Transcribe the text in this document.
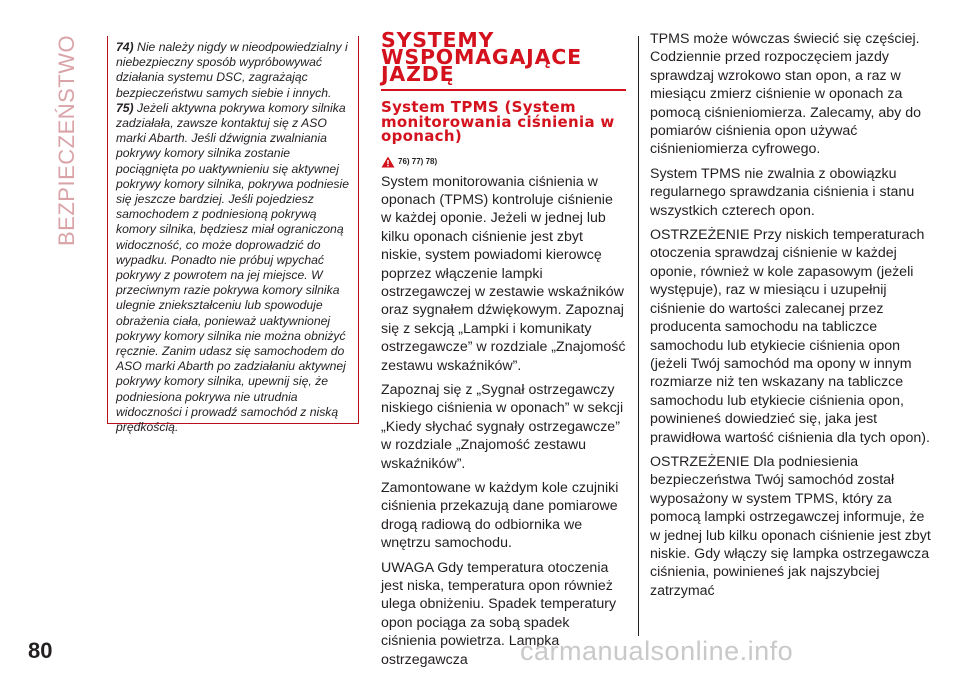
BEZPIECZEŃSTWO	74) Nie należy nigdy w nieodpowiedzialny i niebezpieczny sposób wypróbowywać działania systemu DSC, zagrażając bezpieczeństwu samych siebie i innych.

75) Jeżeli aktywna pokrywa komory silnika zadziałała, zawsze kontaktuj się z ASO marki Abarth. Jeśli dźwignia zwalniania pokrywy komory silnika zostanie pociągnięta po uaktywnieniu się aktywnej pokrywy komory silnika, pokrywa podniesie się jeszcze bardziej. Jeśli pojedziesz samochodem z podniesioną pokrywą komory silnika, będziesz miał ograniczoną widoczność, co może doprowadzić do wypadku. Ponadto nie próbuj wpychać pokrywy z powrotem na jej miejsce. W przeciwnym razie pokrywa komory silnika ulegnie zniekształceniu lub spowoduje obrażenia ciała, ponieważ uaktywnionej pokrywy komory silnika nie można obniżyć ręcznie. Zanim udasz się samochodem do ASO marki Abarth po zadziałaniu aktywnej pokrywy komory silnika, upewnij się, że podniesiona pokrywa nie utrudnia widoczności i prowadź samochód z niską prędkością.

SYSTEMY WSPOMAGAJĄCE JAZDĘ
System TPMS (System monitorowania ciśnienia w oponach)
76) 77) 78)

System monitorowania ciśnienia w oponach (TPMS) kontroluje ciśnienie w każdej oponie. Jeżeli w jednej lub kilku oponach ciśnienie jest zbyt niskie, system powiadomi kierowcę poprzez włączenie lampki ostrzegawczej w zestawie wskaźników oraz sygnałem dźwiękowym. Zapoznaj się z sekcją „Lampki i komunikaty ostrzegawcze” w rozdziale „Znajomość zestawu wskaźników”.

Zapoznaj się z „Sygnał ostrzegawczy niskiego ciśnienia w oponach” w sekcji „Kiedy słychać sygnały ostrzegawcze” w rozdziale „Znajomość zestawu wskaźników”.

Zamontowane w każdym kole czujniki ciśnienia przekazują dane pomiarowe drogą radiową do odbiornika we wnętrzu samochodu.

UWAGA Gdy temperatura otoczenia jest niska, temperatura opon również ulega obniżeniu. Spadek temperatury opon pociąga za sobą spadek ciśnienia powietrza. Lampka ostrzegawcza

TPMS może wówczas świecić się częściej. Codziennie przed rozpoczęciem jazdy sprawdzaj wzrokowo stan opon, a raz w miesiącu zmierz ciśnienie w oponach za pomocą ciśnieniomierza. Zalecamy, aby do pomiarów ciśnienia opon używać ciśnieniomierza cyfrowego.

System TPMS nie zwalnia z obowiązku regularnego sprawdzania ciśnienia i stanu wszystkich czterech opon.

OSTRZEŻENIE Przy niskich temperaturach otoczenia sprawdzaj ciśnienie w każdej oponie, również w kole zapasowym (jeżeli występuje), raz w miesiącu i uzupełnij ciśnienie do wartości zalecanej przez producenta samochodu na tabliczce samochodu lub etykiecie ciśnienia opon (jeżeli Twój samochód ma opony w innym rozmiarze niż ten wskazany na tabliczce samochodu lub etykiecie ciśnienia opon, powinieneś dowiedzieć się, jaka jest prawidłowa wartość ciśnienia dla tych opon).

OSTRZEŻENIE Dla podniesienia bezpieczeństwa Twój samochód został wyposażony w system TPMS, który za pomocą lampki ostrzegawczej informuje, że w jednej lub kilku oponach ciśnienie jest zbyt niskie. Gdy włączy się lampka ostrzegawcza ciśnienia, powinieneś jak najszybciej zatrzymać

80	carmanualsonline.info
